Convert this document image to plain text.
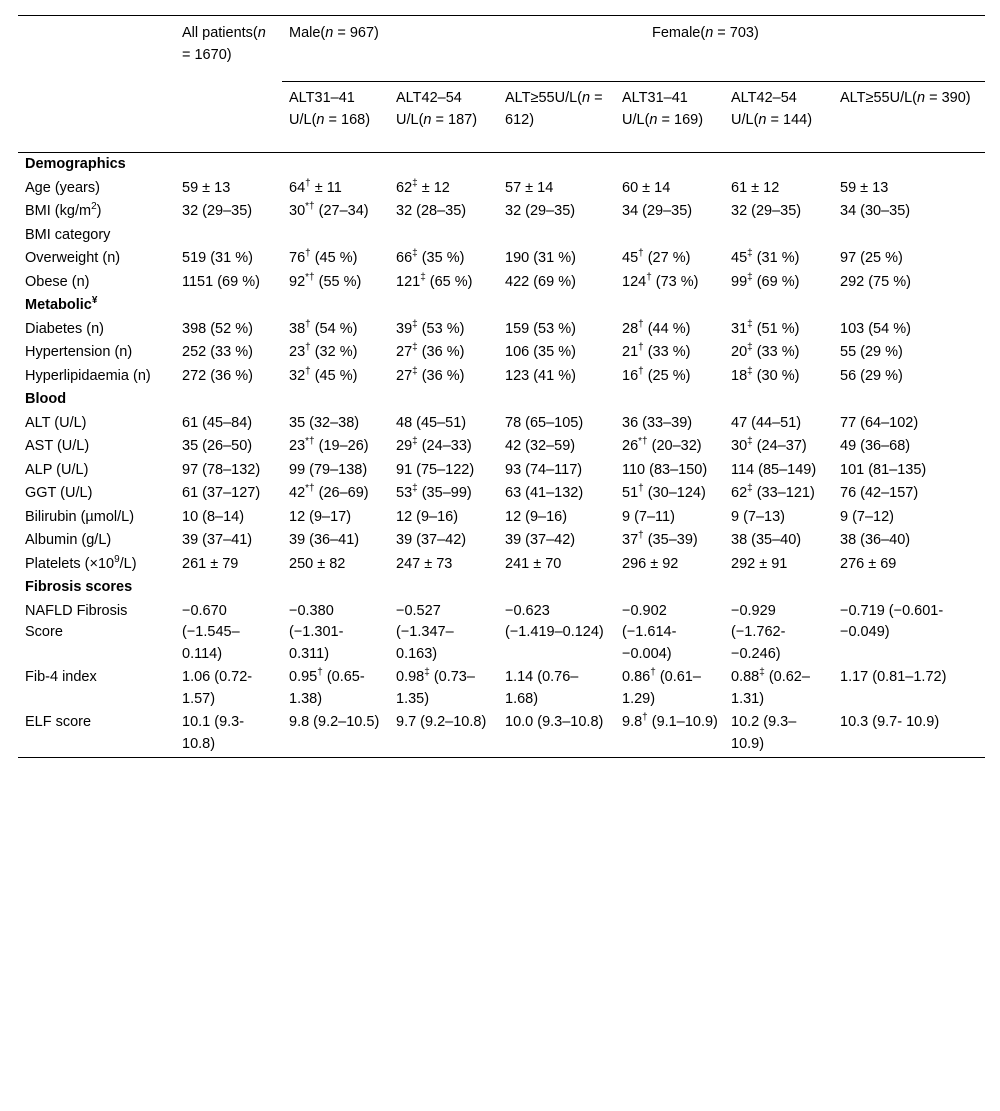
	All patients(n = 1670)	Male(n = 967)			Female(n = 703)		
		ALT31–41 U/L(n = 168)	ALT42–54 U/L(n = 187)	ALT≥55U/L(n = 612)	ALT31–41 U/L(n = 169)	ALT42–54 U/L(n = 144)	ALT≥55U/L(n = 390)
Demographics							
Age (years)	59 ± 13	64† ± 11	62‡ ± 12	57 ± 14	60 ± 14	61 ± 12	59 ± 13
BMI $(kg/m^2)$	32 (29–35)	30*† (27–34)	32 (28–35)	32 (29–35)	34 (29–35)	32 (29–35)	34 (30–35)
BMI category							
Overweight (n)	519 (31 %)	76† (45 %)	66‡ (35 %)	190 (31 %)	45† (27 %)	45‡ (31 %)	97 (25 %)
Obese (n)	1151 (69 %)	92*† (55 %)	121‡ (65 %)	422 (69 %)	124† (73 %)	99‡ (69 %)	292 (75 %)
Metabolic¥							
Diabetes (n)	398 (52 %)	38† (54 %)	39‡ (53 %)	159 (53 %)	28† (44 %)	31‡ (51 %)	103 (54 %)
Hypertension (n)	252 (33 %)	23† (32 %)	27‡ (36 %)	106 (35 %)	21† (33 %)	20‡ (33 %)	55 (29 %)
Hyperlipidaemia (n)	272 (36 %)	32† (45 %)	27‡ (36 %)	123 (41 %)	16† (25 %)	18‡ (30 %)	56 (29 %)
Blood							
ALT (U/L)	61 (45–84)	35 (32–38)	48 (45–51)	78 (65–105)	36 (33–39)	47 (44–51)	77 (64–102)
AST (U/L)	35 (26–50)	23*† (19–26)	29‡ (24–33)	42 (32–59)	26*† (20–32)	30‡ (24–37)	49 (36–68)
ALP (U/L)	97 (78–132)	99 (79–138)	91 (75–122)	93 (74–117)	110 (83–150)	114 (85–149)	101 (81–135)
GGT (U/L)	61 (37–127)	42*† (26–69)	53‡ (35–99)	63 (41–132)	51† (30–124)	62‡ (33–121)	76 (42–157)
Bilirubin (µmol/L)	10 (8–14)	12 (9–17)	12 (9–16)	12 (9–16)	9 (7–11)	9 (7–13)	9 (7–12)
Albumin (g/L)	39 (37–41)	39 (36–41)	39 (37–42)	39 (37–42)	37† (35–39)	38 (35–40)	38 (36–40)
Platelets $(\times 10^9/L)$	261 ± 79	250 ± 82	247 ± 73	241 ± 70	296 ± 92	292 ± 91	276 ± 69
Fibrosis scores							
NAFLD Fibrosis Score	−0.670 (−1.545–0.114)	−0.380 (−1.301-0.311)	−0.527 (−1.347–0.163)	−0.623 (−1.419–0.124)	−0.902 (−1.614-−0.004)	−0.929 (−1.762-−0.246)	−0.719 (−0.601-−0.049)
Fib-4 index	1.06 (0.72-1.57)	0.95† (0.65-1.38)	0.98‡ (0.73–1.35)	1.14 (0.76–1.68)	0.86† (0.61–1.29)	0.88‡ (0.62–1.31)	1.17 (0.81–1.72)
ELF score	10.1 (9.3-10.8)	9.8 (9.2–10.5)	9.7 (9.2–10.8)	10.0 (9.3–10.8)	9.8† (9.1–10.9)	10.2 (9.3–10.9)	10.3 (9.7- 10.9)
